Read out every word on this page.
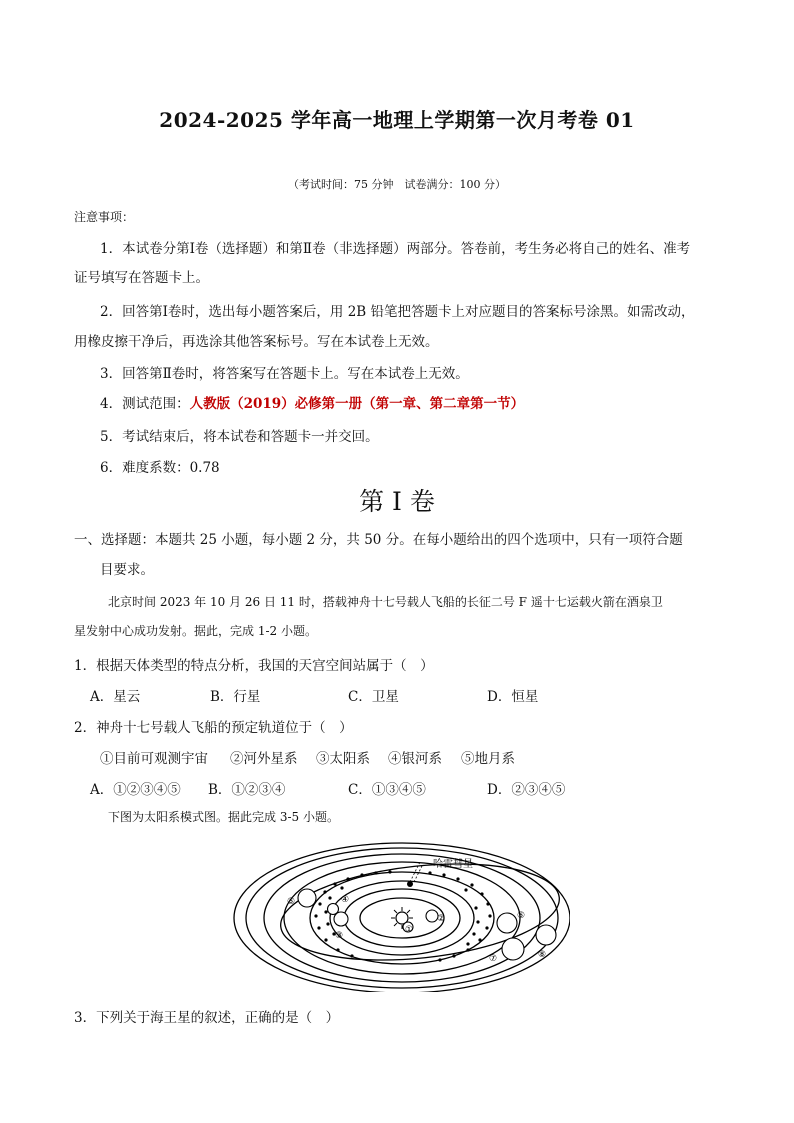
2024-2025 学年高一地理上学期第一次月考卷 01
（考试时间：75 分钟　试卷满分：100 分）
注意事项：
1．本试卷分第Ⅰ卷（选择题）和第Ⅱ卷（非选择题）两部分。答卷前，考生务必将自己的姓名、准考
证号填写在答题卡上。
2．回答第Ⅰ卷时，选出每小题答案后，用 2B 铅笔把答题卡上对应题目的答案标号涂黑。如需改动，
用橡皮擦干净后，再选涂其他答案标号。写在本试卷上无效。
3．回答第Ⅱ卷时，将答案写在答题卡上。写在本试卷上无效。
4．测试范围：人教版（2019）必修第一册（第一章、第二章第一节）
5．考试结束后，将本试卷和答题卡一并交回。
6．难度系数：0.78
第 I 卷
一、选择题：本题共 25 小题，每小题 2 分，共 50 分。在每小题给出的四个选项中，只有一项符合题
目要求。
北京时间 2023 年 10 月 26 日 11 时，搭载神舟十七号载人飞船的长征二号 F 遥十七运载火箭在酒泉卫
星发射中心成功发射。据此，完成 1-2 小题。
1．根据天体类型的特点分析，我国的天宫空间站属于（　）
A．星云	B．行星	C．卫星	D．恒星
2．神舟十七号载人飞船的预定轨道位于（　）
①目前可观测宇宙 ②河外星系 ③太阳系 ④银河系 ⑤地月系
A．①②③④⑤ B．①②③④	C．①③④⑤	D．②③④⑤
下图为太阳系模式图。据此完成 3-5 小题。
哈雷彗星
①
②
③
④
⑤
⑥
⑦	⑧
3．下列关于海王星的叙述，正确的是（　）
